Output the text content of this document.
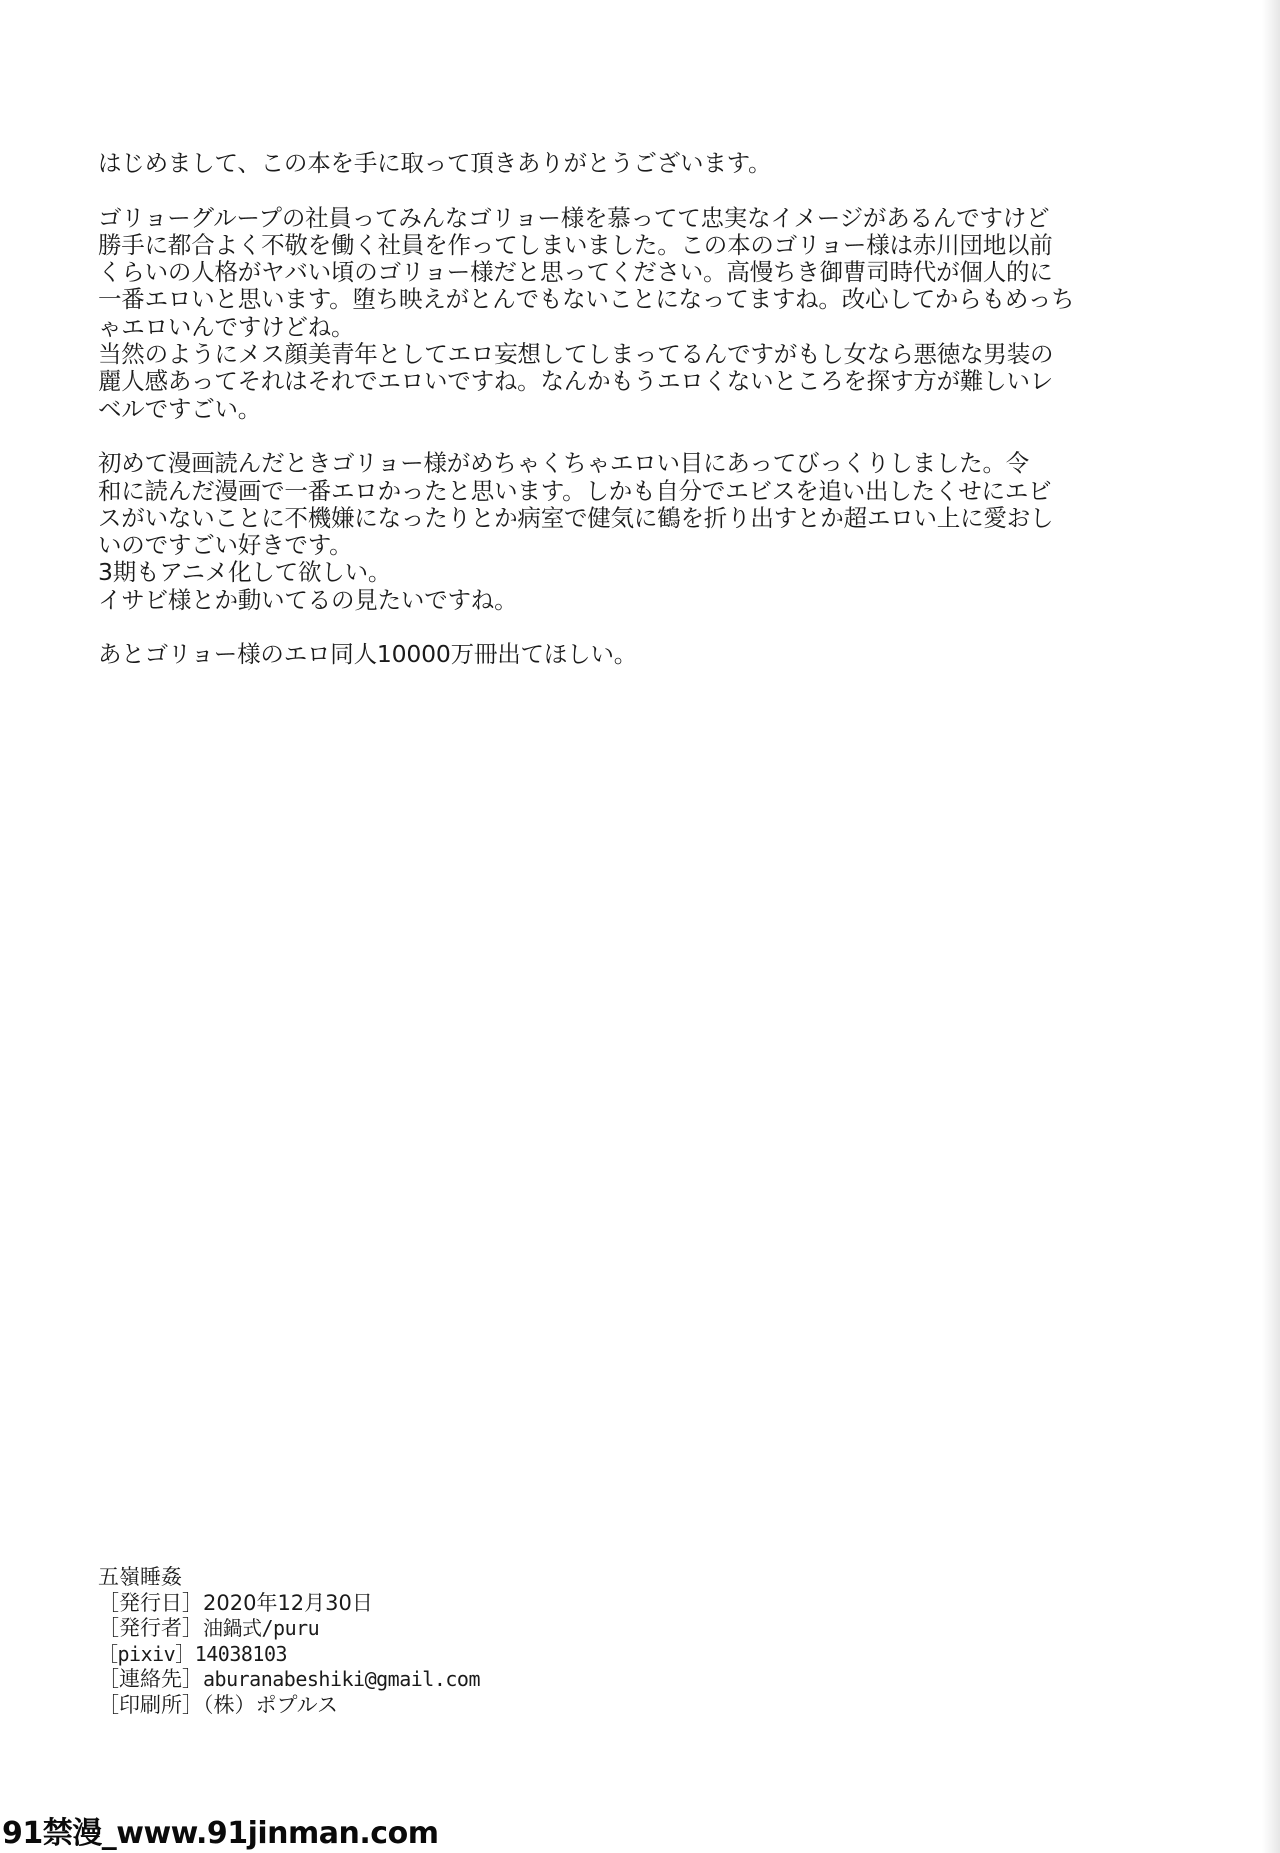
はじめまして、この本を手に取って頂きありがとうございます。
ゴリョーグループの社員ってみんなゴリョー様を慕ってて忠実なイメージがあるんですけど
勝手に都合よく不敬を働く社員を作ってしまいました。この本のゴリョー様は赤川団地以前
くらいの人格がヤバい頃のゴリョー様だと思ってください。高慢ちき御曹司時代が個人的に
一番エロいと思います。堕ち映えがとんでもないことになってますね。改心してからもめっち
ゃエロいんですけどね。
当然のようにメス顔美青年としてエロ妄想してしまってるんですがもし女なら悪徳な男装の
麗人感あってそれはそれでエロいですね。なんかもうエロくないところを探す方が難しいレ
ベルですごい。
初めて漫画読んだときゴリョー様がめちゃくちゃエロい目にあってびっくりしました。令
和に読んだ漫画で一番エロかったと思います。しかも自分でエビスを追い出したくせにエビ
スがいないことに不機嫌になったりとか病室で健気に鶴を折り出すとか超エロい上に愛おし
いのですごい好きです。
3期もアニメ化して欲しい。
イサビ様とか動いてるの見たいですね。
あとゴリョー様のエロ同人10000万冊出てほしい。
五嶺睡姦
［発行日］2020年12月30日
［発行者］油鍋式/puru
［pixiv］14038103
［連絡先］aburanabeshiki@gmail.com
［印刷所］（株）ポプルス
91禁漫_www.91jinman.com
